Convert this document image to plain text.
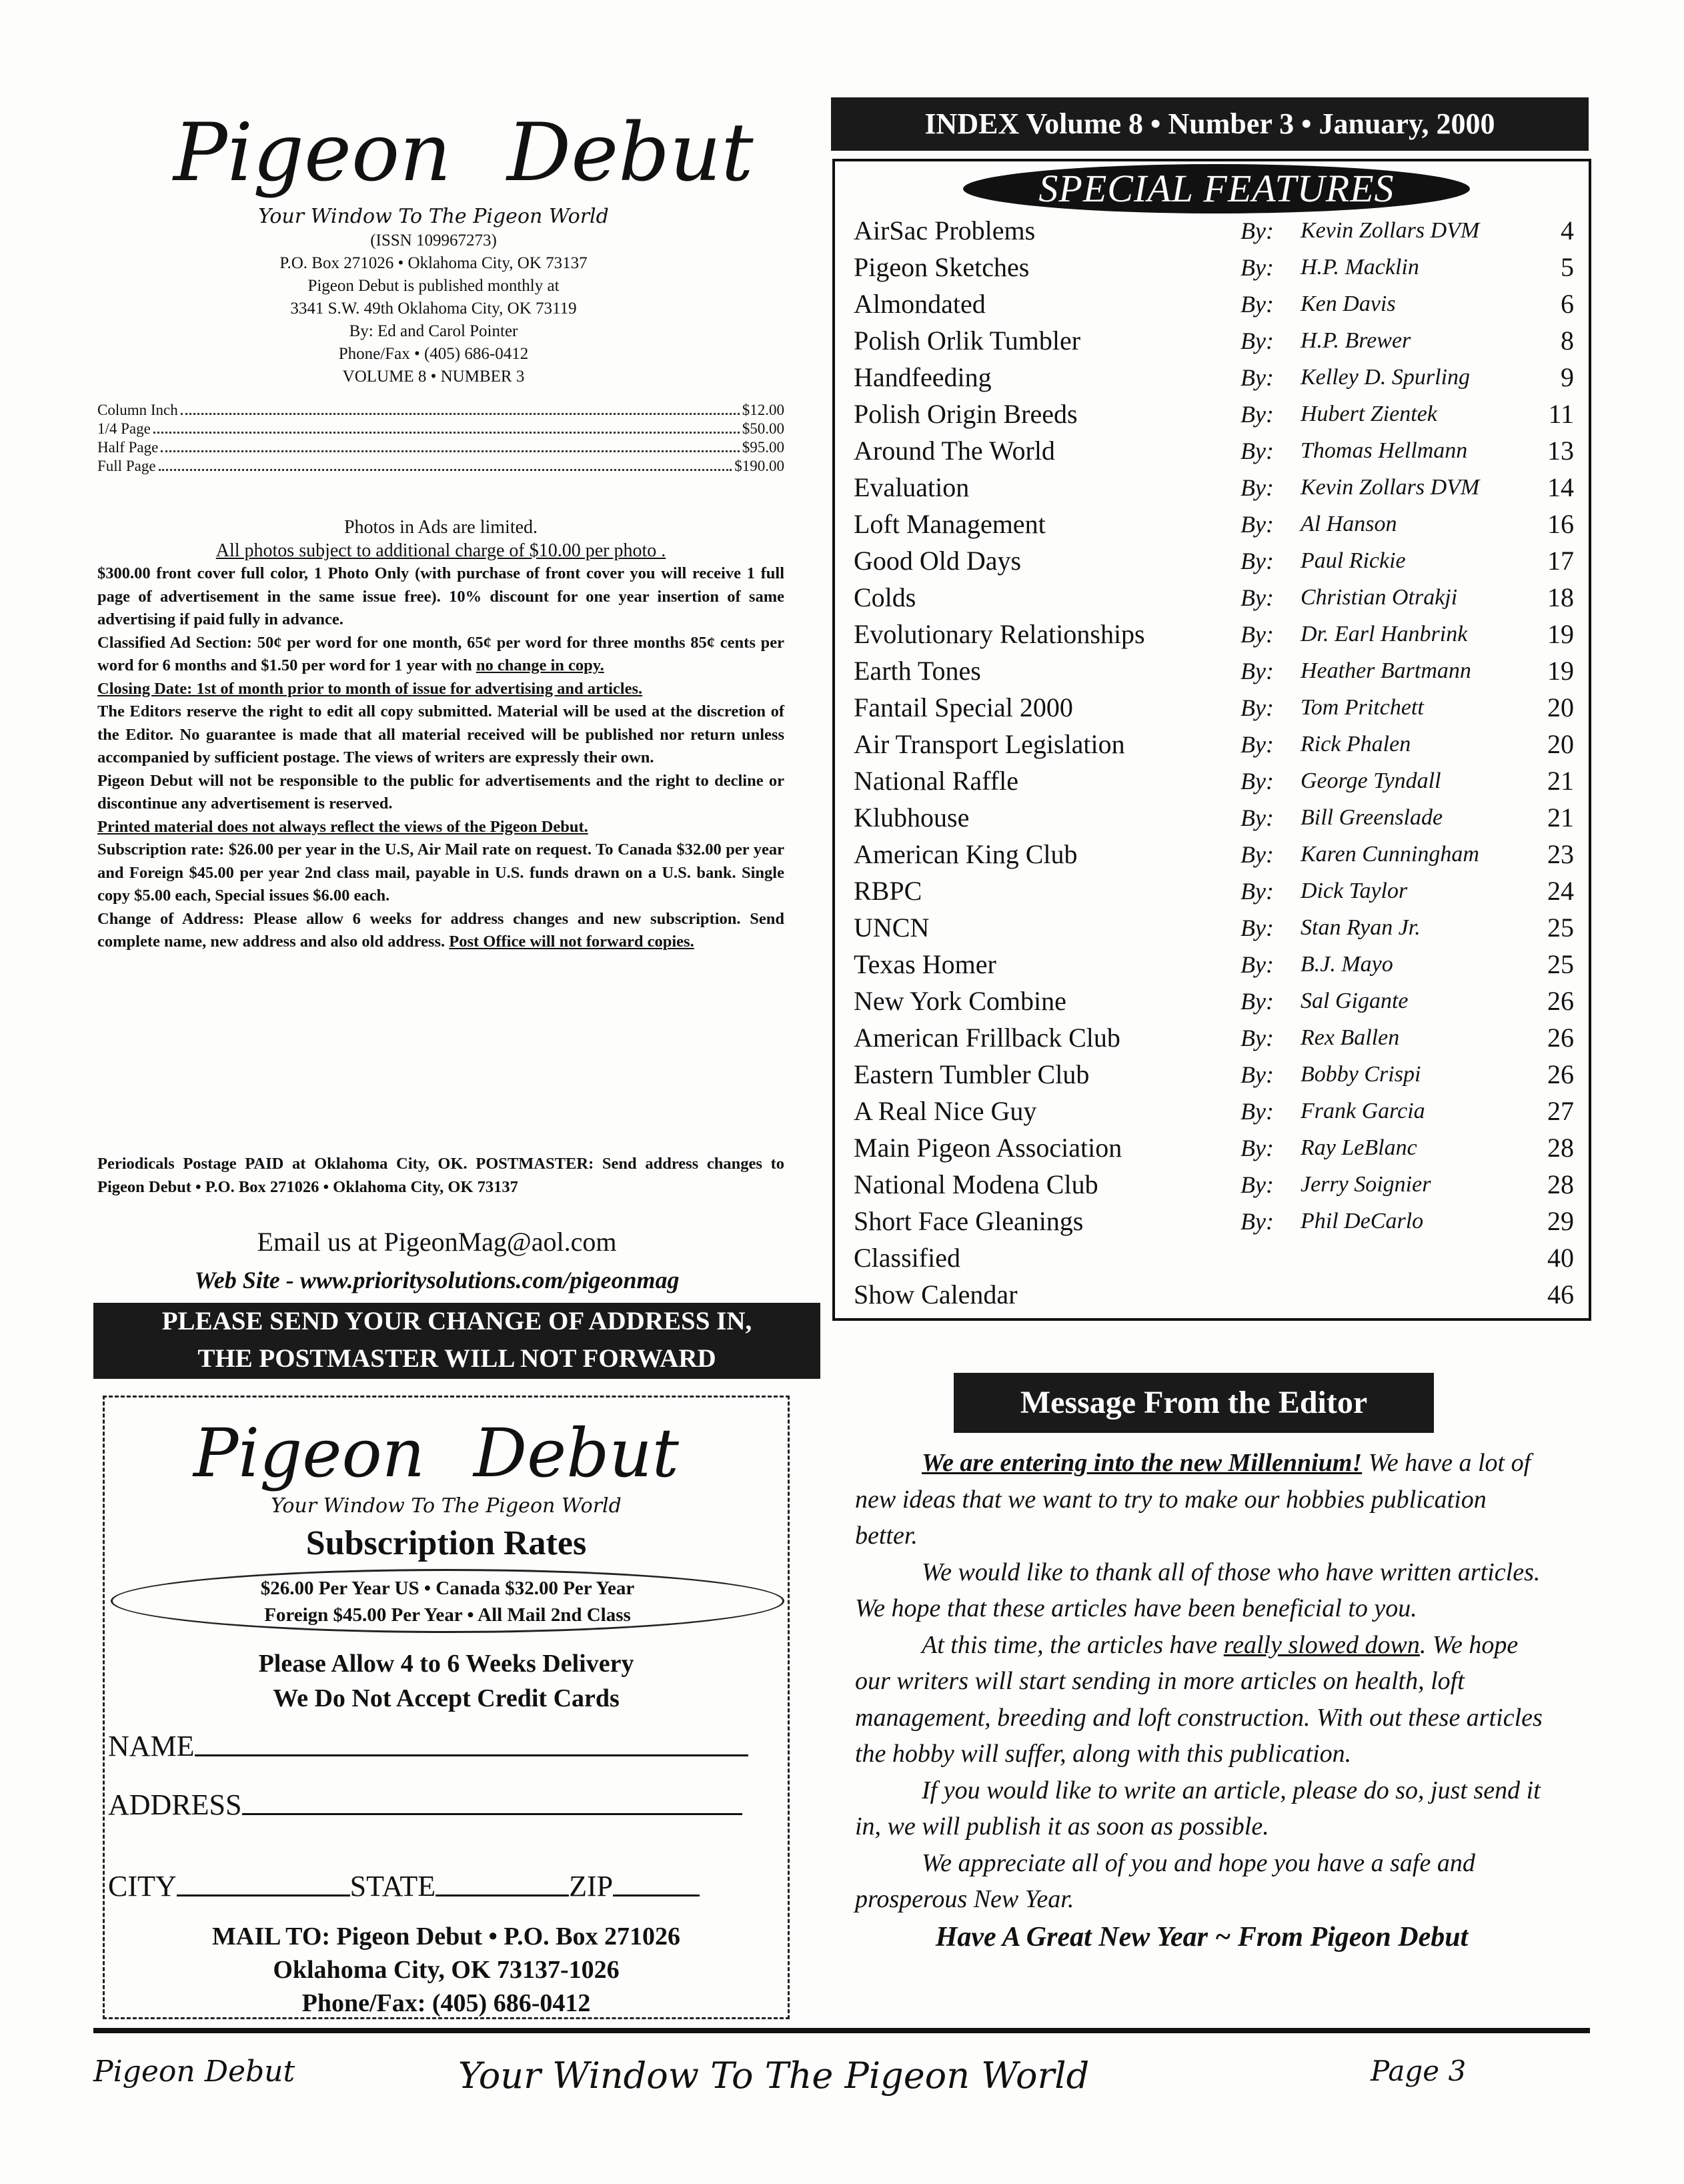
Pigeon Debut
Your Window To The Pigeon World
(ISSN 109967273)
P.O. Box 271026 • Oklahoma City, OK 73137
Pigeon Debut is published monthly at
3341 S.W. 49th Oklahoma City, OK 73119
By: Ed and Carol Pointer
Phone/Fax • (405) 686-0412
VOLUME 8 • NUMBER 3
Column Inch	$12.00
1/4 Page	$50.00
Half Page	$95.00
Full Page	$190.00
Photos in Ads are limited.
All photos subject to additional charge of $10.00 per photo .

$300.00 front cover full color, 1 Photo Only (with purchase of front cover you will receive 1 full page of advertisement in the same issue free). 10% discount for one year insertion of same advertising if paid fully in advance.

Classified Ad Section: 50¢ per word for one month, 65¢ per word for three months 85¢ cents per word for 6 months and $1.50 per word for 1 year with no change in copy.

Closing Date: 1st of month prior to month of issue for advertising and articles.

The Editors reserve the right to edit all copy submitted. Material will be used at the discretion of the Editor. No guarantee is made that all material received will be published nor return unless accompanied by sufficient postage. The views of writers are expressly their own.

Pigeon Debut will not be responsible to the public for advertisements and the right to decline or discontinue any advertisement is reserved.

Printed material does not always reflect the views of the Pigeon Debut.

Subscription rate: $26.00 per year in the U.S, Air Mail rate on request. To Canada $32.00 per year and Foreign $45.00 per year 2nd class mail, payable in U.S. funds drawn on a U.S. bank. Single copy $5.00 each, Special issues $6.00 each.

Change of Address: Please allow 6 weeks for address changes and new subscription. Send complete name, new address and also old address. Post Office will not forward copies.

Periodicals Postage PAID at Oklahoma City, OK. POSTMASTER: Send address changes to Pigeon Debut • P.O. Box 271026 • Oklahoma City, OK 73137
Email us at PigeonMag@aol.com
Web Site - www.prioritysolutions.com/pigeonmag
PLEASE SEND YOUR CHANGE OF ADDRESS IN,
THE POSTMASTER WILL NOT FORWARD
Pigeon Debut
Your Window To The Pigeon World
Subscription Rates
$26.00 Per Year US • Canada $32.00 Per Year
Foreign $45.00 Per Year • All Mail 2nd Class
Please Allow 4 to 6 Weeks Delivery
We Do Not Accept Credit Cards
NAME
ADDRESS
CITY	STATE	ZIP
MAIL TO: Pigeon Debut • P.O. Box 271026
Oklahoma City, OK 73137-1026
Phone/Fax: (405) 686-0412
INDEX Volume 8 • Number 3 • January, 2000
SPECIAL FEATURES
AirSac Problems	By:	Kevin Zollars DVM	4
Pigeon Sketches	By:	H.P. Macklin	5
Almondated	By:	Ken Davis	6
Polish Orlik Tumbler	By:	H.P. Brewer	8
Handfeeding	By:	Kelley D. Spurling	9
Polish Origin Breeds	By:	Hubert Zientek	11
Around The World	By:	Thomas Hellmann	13
Evaluation	By:	Kevin Zollars DVM	14
Loft Management	By:	Al Hanson	16
Good Old Days	By:	Paul Rickie	17
Colds	By:	Christian Otrakji	18
Evolutionary Relationships	By:	Dr. Earl Hanbrink	19
Earth Tones	By:	Heather Bartmann	19
Fantail Special 2000	By:	Tom Pritchett	20
Air Transport Legislation	By:	Rick Phalen	20
National Raffle	By:	George Tyndall	21
Klubhouse	By:	Bill Greenslade	21
American King Club	By:	Karen Cunningham	23
RBPC	By:	Dick Taylor	24
UNCN	By:	Stan Ryan Jr.	25
Texas Homer	By:	B.J. Mayo	25
New York Combine	By:	Sal Gigante	26
American Frillback Club	By:	Rex Ballen	26
Eastern Tumbler Club	By:	Bobby Crispi	26
A Real Nice Guy	By:	Frank Garcia	27
Main Pigeon Association	By:	Ray LeBlanc	28
National Modena Club	By:	Jerry Soignier	28
Short Face Gleanings	By:	Phil DeCarlo	29
Classified	40
Show Calendar	46
Message From the Editor

We are entering into the new Millennium! We have a lot of new ideas that we want to try to make our hobbies publication better.

We would like to thank all of those who have written articles. We hope that these articles have been beneficial to you.

At this time, the articles have really slowed down. We hope our writers will start sending in more articles on health, loft management, breeding and loft construction. With out these articles the hobby will suffer, along with this publication.

If you would like to write an article, please do so, just send it in, we will publish it as soon as possible.

We appreciate all of you and hope you have a safe and prosperous New Year.

Have A Great New Year ~ From Pigeon Debut
Pigeon Debut	Your Window To The Pigeon World	Page 3
